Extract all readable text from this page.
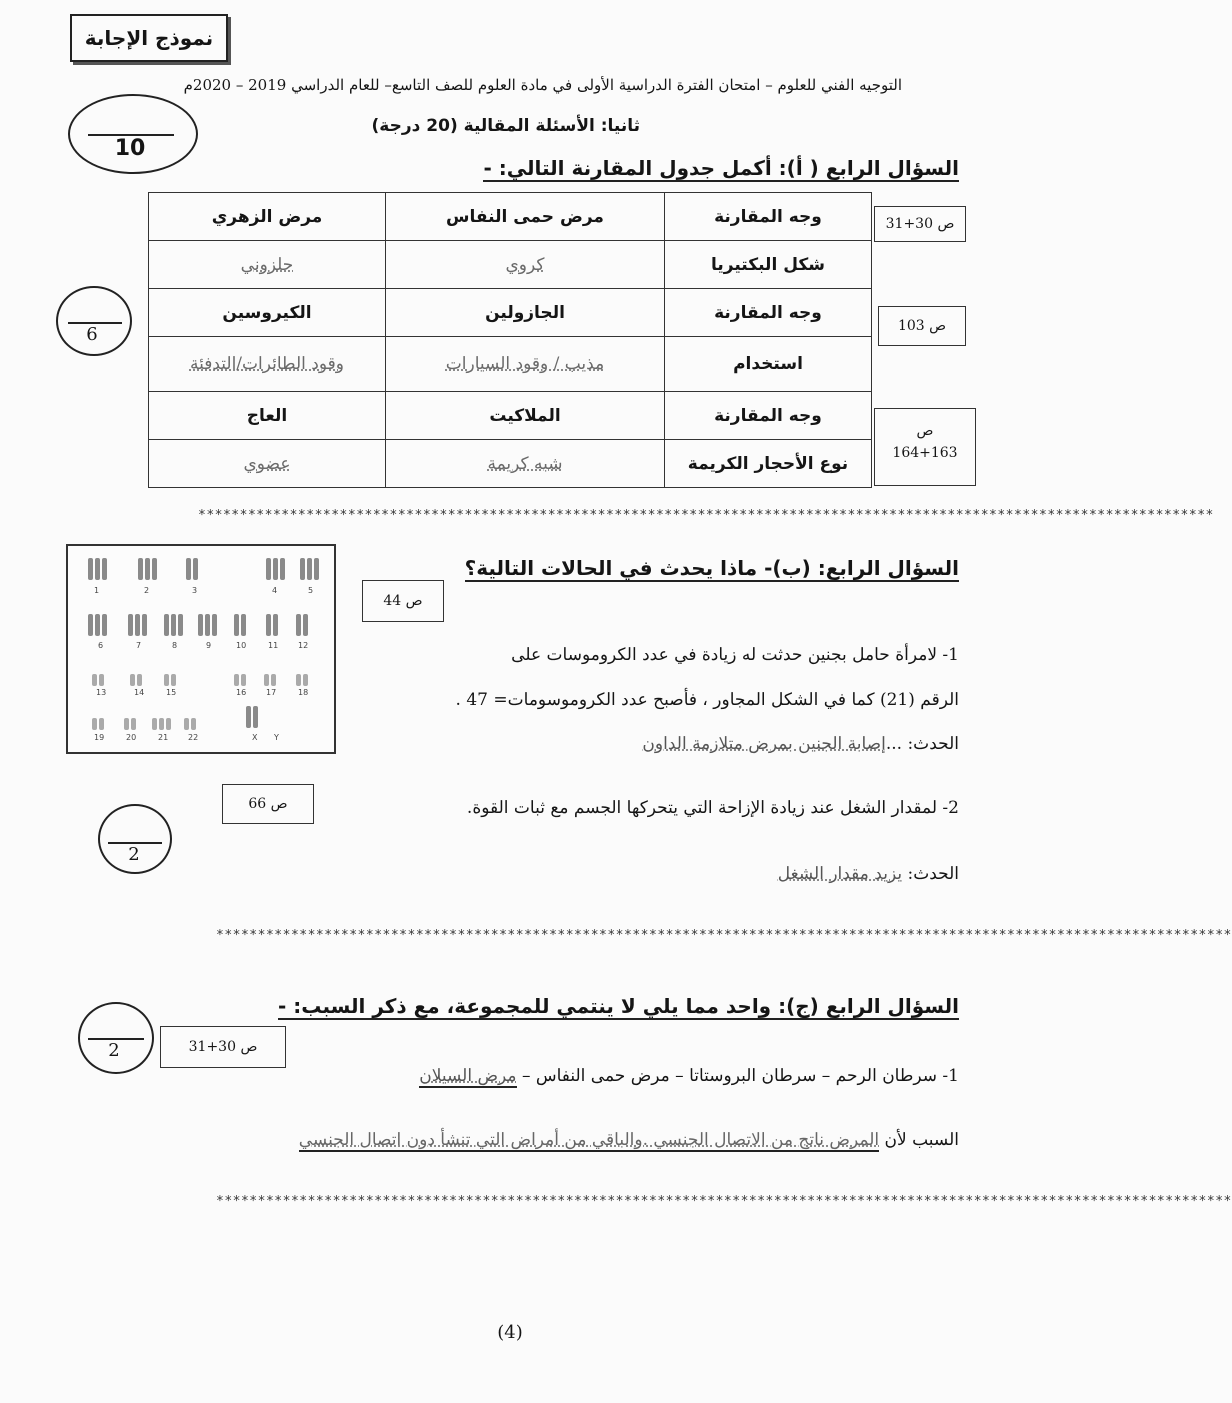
نموذج الإجابة
التوجيه الفني للعلوم – امتحان الفترة الدراسية الأولى في مادة العلوم للصف التاسع– للعام الدراسي 2019 – 2020م
10
ثانيا: الأسئلة المقالية (20 درجة)
السؤال الرابع ( أ): أكمل جدول المقارنة التالي: -
وجه المقارنة	مرض حمى النفاس	مرض الزهري
شكل البكتيريا	كروي	حلزوني
وجه المقارنة	الجازولين	الكيروسين
استخدام	مذيب / وقود السيارات	وقود الطائرات/التدفئة
وجه المقارنة	الملاكيت	العاج
نوع الأحجار الكريمة	شبه كريمة	عضوي
ص 30+31
ص 103
ص
164+163
6
**************************************************************************************************************************
1	2	3	4	5
6	7	8	9	10	11 12
13	14	15	16 17	18
19	20	21 22	X Y
السؤال الرابع: (ب)- ماذا يحدث في الحالات التالية؟
ص 44
ص 66
1- لامرأة حامل بجنين حدثت له زيادة في عدد الكروموسات على
الرقم (21) كما في الشكل المجاور ، فأصبح عدد الكروموسومات= 47 .
الحدث: ...إصابة الجنين بمرض متلازمة الداون
2- لمقدار الشغل عند زيادة الإزاحة التي يتحركها الجسم مع ثبات القوة.
الحدث: يزيد مقدار الشغل
2
**************************************************************************************************************************
السؤال الرابع (ج): واحد مما يلي لا ينتمي للمجموعة، مع ذكر السبب: -
2	ص 30+31
1- سرطان الرحم – سرطان البروستاتا – مرض حمى النفاس – مرض السيلان
السبب لأن المرض ناتج من الاتصال الجنسي .والباقي من أمراض التي تنشأ دون اتصال الجنسي
**************************************************************************************************************************
(4)
